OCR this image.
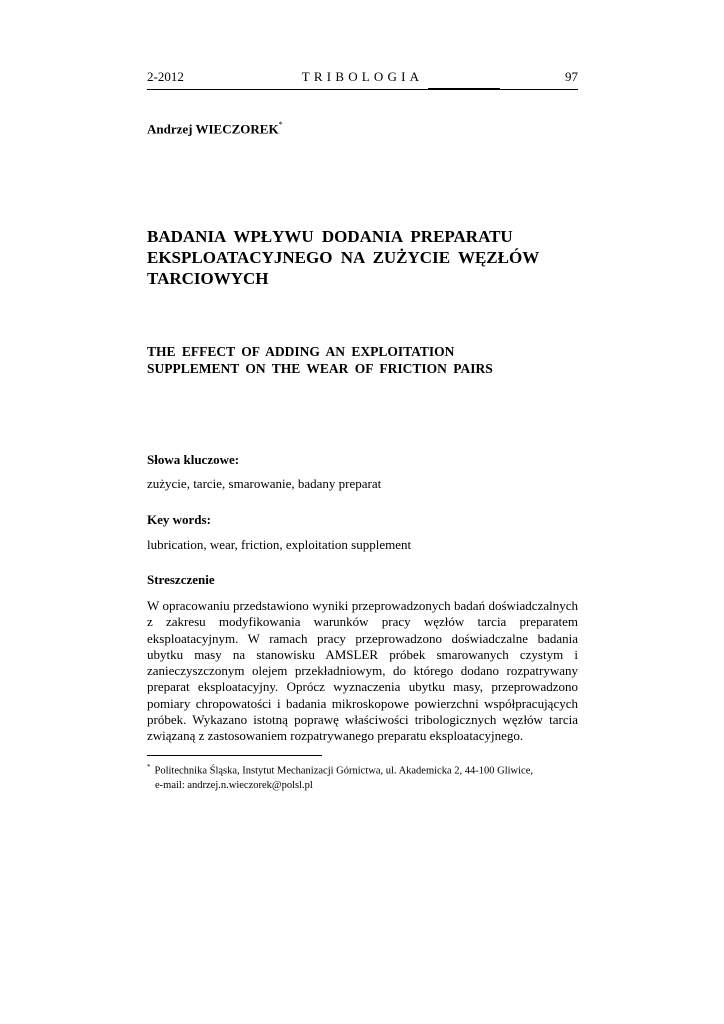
2-2012	TRIBOLOGIA	97
Andrzej WIECZOREK*
BADANIA WPŁYWU DODANIA PREPARATU
EKSPLOATACYJNEGO NA ZUŻYCIE WĘZŁÓW
TARCIOWYCH
THE EFFECT OF ADDING AN EXPLOITATION
SUPPLEMENT ON THE WEAR OF FRICTION PAIRS
Słowa kluczowe:
zużycie, tarcie, smarowanie, badany preparat
Key words:
lubrication, wear, friction, exploitation supplement
Streszczenie

W opracowaniu przedstawiono wyniki przeprowadzonych badań doświadczalnych z zakresu modyfikowania warunków pracy węzłów tarcia preparatem eksploatacyjnym. W ramach pracy przeprowadzono doświadczalne badania ubytku masy na stanowisku AMSLER próbek smarowanych czystym i zanieczyszczonym olejem przekładniowym, do którego dodano rozpatrywany preparat eksploatacyjny. Oprócz wyznaczenia ubytku masy, przeprowadzono pomiary chropowatości i badania mikroskopowe powierzchni współpracujących próbek. Wykazano istotną poprawę właściwości tribologicznych węzłów tarcia związaną z zastosowaniem rozpatrywanego preparatu eksploatacyjnego.

* Politechnika Śląska, Instytut Mechanizacji Górnictwa, ul. Akademicka 2, 44-100 Gliwice,
e-mail: andrzej.n.wieczorek@polsl.pl
